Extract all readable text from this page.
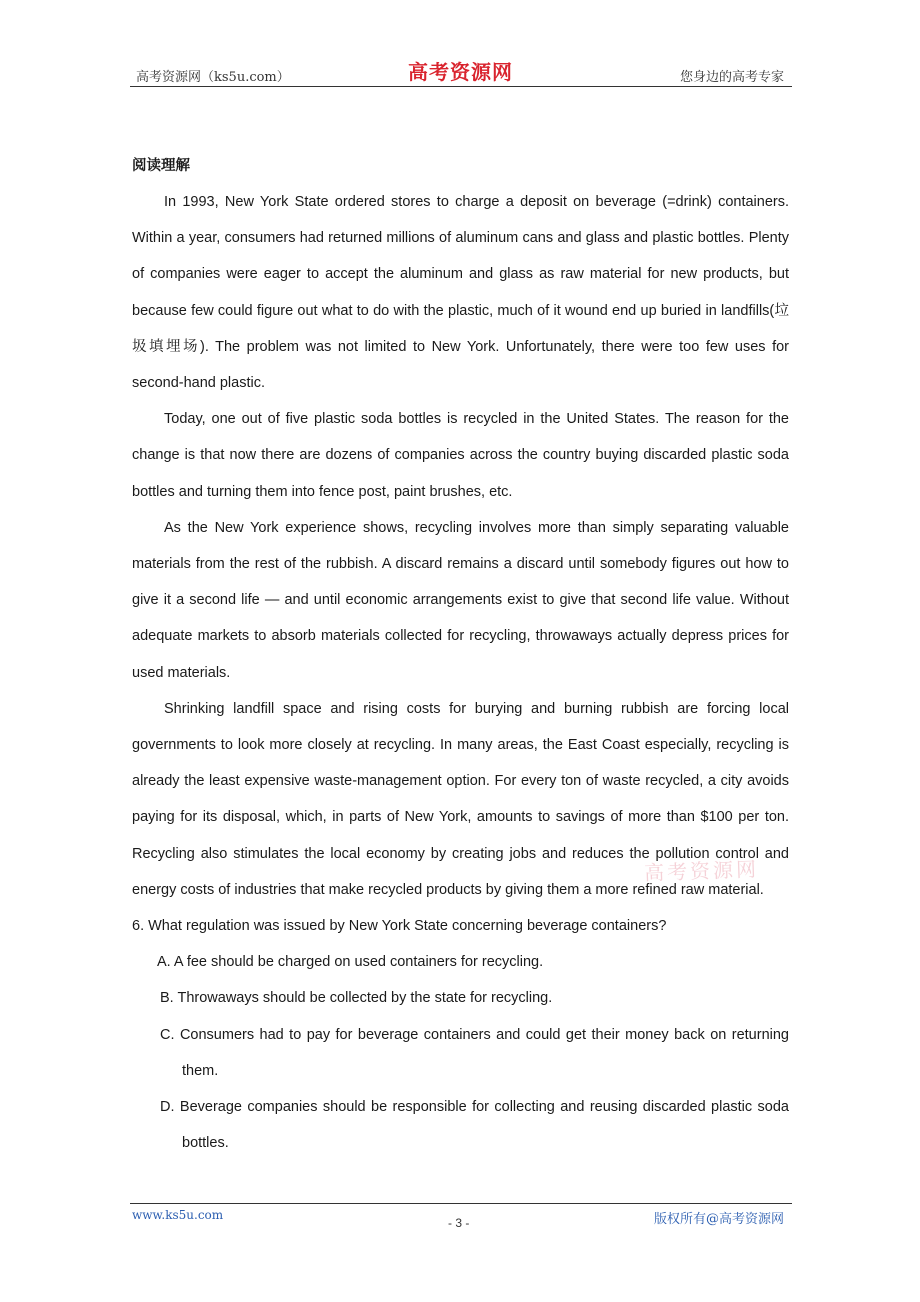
高考资源网（ks5u.com）	高考资源网	您身边的高考专家

阅读理解

In 1993, New York State ordered stores to charge a deposit on beverage (=drink) containers. Within a year, consumers had returned millions of aluminum cans and glass and plastic bottles. Plenty of companies were eager to accept the aluminum and glass as raw material for new products, but because few could figure out what to do with the plastic, much of it wound end up buried in landfills(垃圾填埋场). The problem was not limited to New York. Unfortunately, there were too few uses for second-hand plastic.

Today, one out of five plastic soda bottles is recycled in the United States. The reason for the change is that now there are dozens of companies across the country buying discarded plastic soda bottles and turning them into fence post, paint brushes, etc.

As the New York experience shows, recycling involves more than simply separating valuable materials from the rest of the rubbish. A discard remains a discard until somebody figures out how to give it a second life — and until economic arrangements exist to give that second life value. Without adequate markets to absorb materials collected for recycling, throwaways actually depress prices for used materials.

Shrinking landfill space and rising costs for burying and burning rubbish are forcing local governments to look more closely at recycling. In many areas, the East Coast especially, recycling is already the least expensive waste-management option. For every ton of waste recycled, a city avoids paying for its disposal, which, in parts of New York, amounts to savings of more than $100 per ton. Recycling also stimulates the local economy by creating jobs and reduces the pollution control and energy costs of industries that make recycled products by giving them a more refined raw material.

6. What regulation was issued by New York State concerning beverage containers?

A. A fee should be charged on used containers for recycling.

B. Throwaways should be collected by the state for recycling.

C. Consumers had to pay for beverage containers and could get their money back on returning them.

D. Beverage companies should be responsible for collecting and reusing discarded plastic soda bottles.

高考资源网
www.ks5u.com
- 3 -	版权所有@高考资源网
